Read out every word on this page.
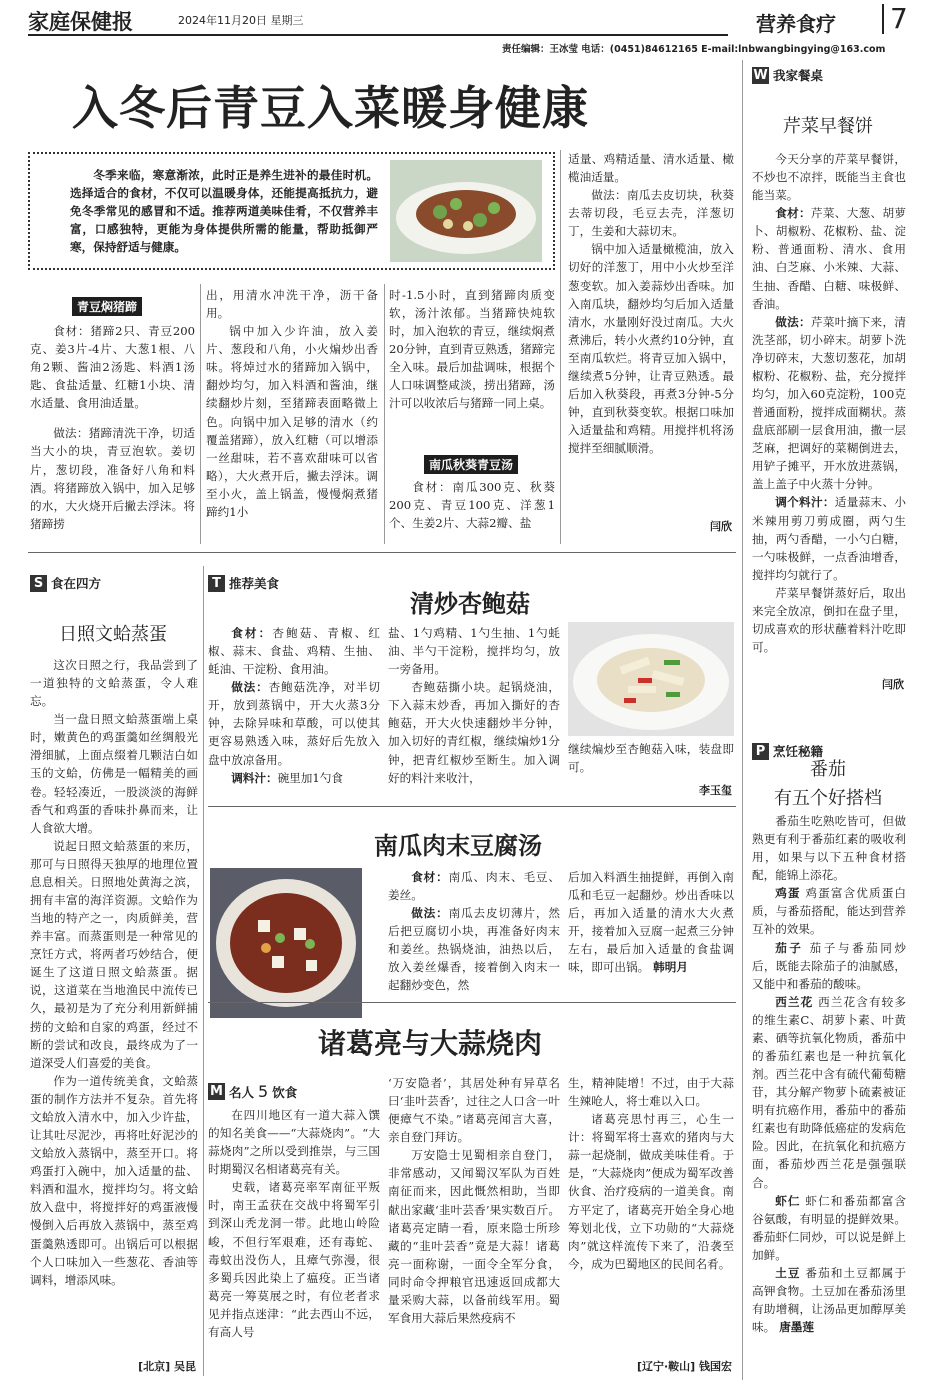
家庭保健报	2024年11月20日 星期三	营养食疗 7
责任编辑：王冰莹 电话：(0451)84612165 E-mail:lnbwangbingying@163.com
入冬后青豆入菜暖身健康
冬季来临，寒意渐浓，此时正是养生进补的最佳时机。选择适合的食材，不仅可以温暖身体，还能提高抵抗力，避免冬季常见的感冒和不适。推荐两道美味佳肴，不仅营养丰富，口感独特，更能为身体提供所需的能量，帮助抵御严寒，保持舒适与健康。
青豆焖猪蹄

食材：猪蹄2只、青豆200克、姜3片-4片、大葱1根、八角2颗、酱油2汤匙、料酒1汤匙、食盐适量、红糖1小块、清水适量、食用油适量。

做法：猪蹄清洗干净，切适当大小的块，青豆泡软。姜切片，葱切段，准备好八角和料酒。将猪蹄放入锅中，加入足够的水，大火烧开后撇去浮沫。将猪蹄捞

出，用清水冲洗干净，沥干备用。

锅中加入少许油，放入姜片、葱段和八角，小火煸炒出香味。将焯过水的猪蹄加入锅中，翻炒均匀，加入料酒和酱油，继续翻炒片刻，至猪蹄表面略微上色。向锅中加入足够的清水（约覆盖猪蹄），放入红糖（可以增添一丝甜味，若不喜欢甜味可以省略），大火煮开后，撇去浮沫。调至小火，盖上锅盖，慢慢焖煮猪蹄约1小

时-1.5小时，直到猪蹄肉质变软，汤汁浓郁。当猪蹄快炖软时，加入泡软的青豆，继续焖煮20分钟，直到青豆熟透，猪蹄完全入味。最后加盐调味，根据个人口味调整咸淡，捞出猪蹄，汤汁可以收浓后与猪蹄一同上桌。
南瓜秋葵青豆汤

食材：南瓜300克、秋葵200克、青豆100克、洋葱1个、生姜2片、大蒜2瓣、盐

适量、鸡精适量、清水适量、橄榄油适量。

做法：南瓜去皮切块，秋葵去蒂切段，毛豆去壳，洋葱切丁，生姜和大蒜切末。

锅中加入适量橄榄油，放入切好的洋葱丁，用中小火炒至洋葱变软。加入姜蒜炒出香味。加入南瓜块，翻炒均匀后加入适量清水，水量刚好没过南瓜。大火煮沸后，转小火煮约10分钟，直至南瓜软烂。将青豆加入锅中，继续煮5分钟，让青豆熟透。最后加入秋葵段，再煮3分钟-5分钟，直到秋葵变软。根据口味加入适量盐和鸡精。用搅拌机将汤搅拌至细腻顺滑。

闫欣
W 我家餐桌
芹菜早餐饼

今天分享的芹菜早餐饼，不炒也不凉拌，既能当主食也能当菜。

食材：芹菜、大葱、胡萝卜、胡椒粉、花椒粉、盐、淀粉、普通面粉、清水、食用油、白芝麻、小米辣、大蒜、生抽、香醋、白糖、味极鲜、香油。

做法：芹菜叶摘下来，清洗茎部，切小碎末。胡萝卜洗净切碎末，大葱切葱花，加胡椒粉、花椒粉、盐，充分搅拌均匀，加入60克淀粉，100克普通面粉，搅拌成面糊状。蒸盘底部刷一层食用油，撒一层芝麻，把调好的菜糊倒进去，用铲子摊平，开水放进蒸锅，盖上盖子中火蒸十分钟。

调个料汁：适量蒜末、小米辣用剪刀剪成圈，两勺生抽，两勺香醋，一小勺白糖，一勺味极鲜，一点香油增香，搅拌均匀就行了。

芹菜早餐饼蒸好后，取出来完全放凉，倒扣在盘子里，切成喜欢的形状蘸着料汁吃即可。

闫欣
P 烹饪秘籍
番茄
有五个好搭档

番茄生吃熟吃皆可，但做熟更有利于番茄红素的吸收利用，如果与以下五种食材搭配，能锦上添花。

鸡蛋 鸡蛋富含优质蛋白质，与番茄搭配，能达到营养互补的效果。

茄子 茄子与番茄同炒后，既能去除茄子的油腻感，又能中和番茄的酸味。

西兰花 西兰花含有较多的维生素C、胡萝卜素、叶黄素、硒等抗氧化物质，番茄中的番茄红素也是一种抗氧化剂。西兰花中含有硫代葡萄糖苷，其分解产物萝卜硫素被证明有抗癌作用，番茄中的番茄红素也有助降低癌症的发病危险。因此，在抗氧化和抗癌方面，番茄炒西兰花是强强联合。

虾仁 虾仁和番茄都富含谷氨酸，有明显的提鲜效果。番茄虾仁同炒，可以说是鲜上加鲜。

土豆 番茄和土豆都属于高钾食物。土豆加在番茄汤里有助增稠，让汤品更加醇厚美味。 唐墨莲

S 食在四方
日照文蛤蒸蛋

这次日照之行，我品尝到了一道独特的文蛤蒸蛋，令人难忘。

当一盘日照文蛤蒸蛋端上桌时，嫩黄色的鸡蛋羹如丝绸般光滑细腻，上面点缀着几颗洁白如玉的文蛤，仿佛是一幅精美的画卷。轻轻凑近，一股淡淡的海鲜香气和鸡蛋的香味扑鼻而来，让人食欲大增。

说起日照文蛤蒸蛋的来历，那可与日照得天独厚的地理位置息息相关。日照地处黄海之滨，拥有丰富的海洋资源。文蛤作为当地的特产之一，肉质鲜美，营养丰富。而蒸蛋则是一种常见的烹饪方式，将两者巧妙结合，便诞生了这道日照文蛤蒸蛋。据说，这道菜在当地渔民中流传已久，最初是为了充分利用新鲜捕捞的文蛤和自家的鸡蛋，经过不断的尝试和改良，最终成为了一道深受人们喜爱的美食。

作为一道传统美食，文蛤蒸蛋的制作方法并不复杂。首先将文蛤放入清水中，加入少许盐，让其吐尽泥沙，再将吐好泥沙的文蛤放入蒸锅中，蒸至开口。将鸡蛋打入碗中，加入适量的盐、料酒和温水，搅拌均匀。将文蛤放入盘中，将搅拌好的鸡蛋液慢慢倒入后再放入蒸锅中，蒸至鸡蛋羹熟透即可。出锅后可以根据个人口味加入一些葱花、香油等调料，增添风味。

[北京] 吴昆
T 推荐美食
清炒杏鲍菇

食材：杏鲍菇、青椒、红椒、蒜末、食盐、鸡精、生抽、蚝油、干淀粉、食用油。

做法：杏鲍菇洗净，对半切开，放到蒸锅中，开大火蒸3分钟，去除异味和草酸，可以使其更容易熟透入味，蒸好后先放入盘中放凉备用。

调料汁：碗里加1勺食

盐、1勺鸡精、1勺生抽、1勺蚝油、半勺干淀粉，搅拌均匀，放一旁备用。

杏鲍菇撕小块。起锅烧油，下入蒜末炒香，再加入撕好的杏鲍菇，开大火快速翻炒半分钟，加入切好的青红椒，继续煸炒1分钟，把青红椒炒至断生。加入调好的料汁来收汁，

继续煸炒至杏鲍菇入味，装盘即可。
李玉玺
南瓜肉末豆腐汤

食材：南瓜、肉末、毛豆、姜丝。

做法：南瓜去皮切薄片，然后把豆腐切小块，再准备好肉末和姜丝。热锅烧油，油热以后，放入姜丝爆香，接着倒入肉末一起翻炒变色，然

后加入料酒生抽提鲜，再倒入南瓜和毛豆一起翻炒。炒出香味以后，再加入适量的清水大火煮开，接着加入豆腐一起煮三分钟左右，最后加入适量的食盐调味，即可出锅。 韩明月
诸葛亮与大蒜烧肉
M 名人 5 饮食

在四川地区有一道大蒜入馔的知名美食——“大蒜烧肉”。“大蒜烧肉”之所以受到推崇，与三国时期蜀汉名相诸葛亮有关。

史载，诸葛亮率军南征平叛时，南王孟获在交战中将蜀军引到深山秃龙洞一带。此地山岭险峻，不但行军艰难，还有毒蛇、毒蚊出没伤人，且瘴气弥漫，很多蜀兵因此染上了瘟疫。正当诸葛亮一筹莫展之时，有位老者求见并指点迷津：“此去西山不远，有高人号

‘万安隐者’，其居处种有异草名曰‘韭叶芸香’，过往之人口含一叶便瘴气不染。”诸葛亮闻言大喜，亲自登门拜访。

万安隐士见蜀相亲自登门，非常感动，又闻蜀汉军队为百姓南征而来，因此慨然相助，当即献出家藏‘韭叶芸香’果实数百斤。诸葛亮定睛一看，原来隐士所珍藏的“韭叶芸香”竟是大蒜！诸葛亮一面称谢，一面令全军分食，同时命令押粮官迅速返回成都大量采购大蒜，以备前线军用。蜀军食用大蒜后果然疫病不

生，精神陡增！不过，由于大蒜生辣呛人，将士难以入口。

诸葛亮思忖再三，心生一计：将蜀军将士喜欢的猪肉与大蒜一起烧制，做成美味佳肴。于是，“大蒜烧肉”便成为蜀军改善伙食、治疗疫病的一道美食。南方平定了，诸葛亮开始全身心地筹划北伐，立下功勋的“大蒜烧肉”就这样流传下来了，沿袭至今，成为巴蜀地区的民间名肴。

[辽宁·鞍山] 钱国宏
